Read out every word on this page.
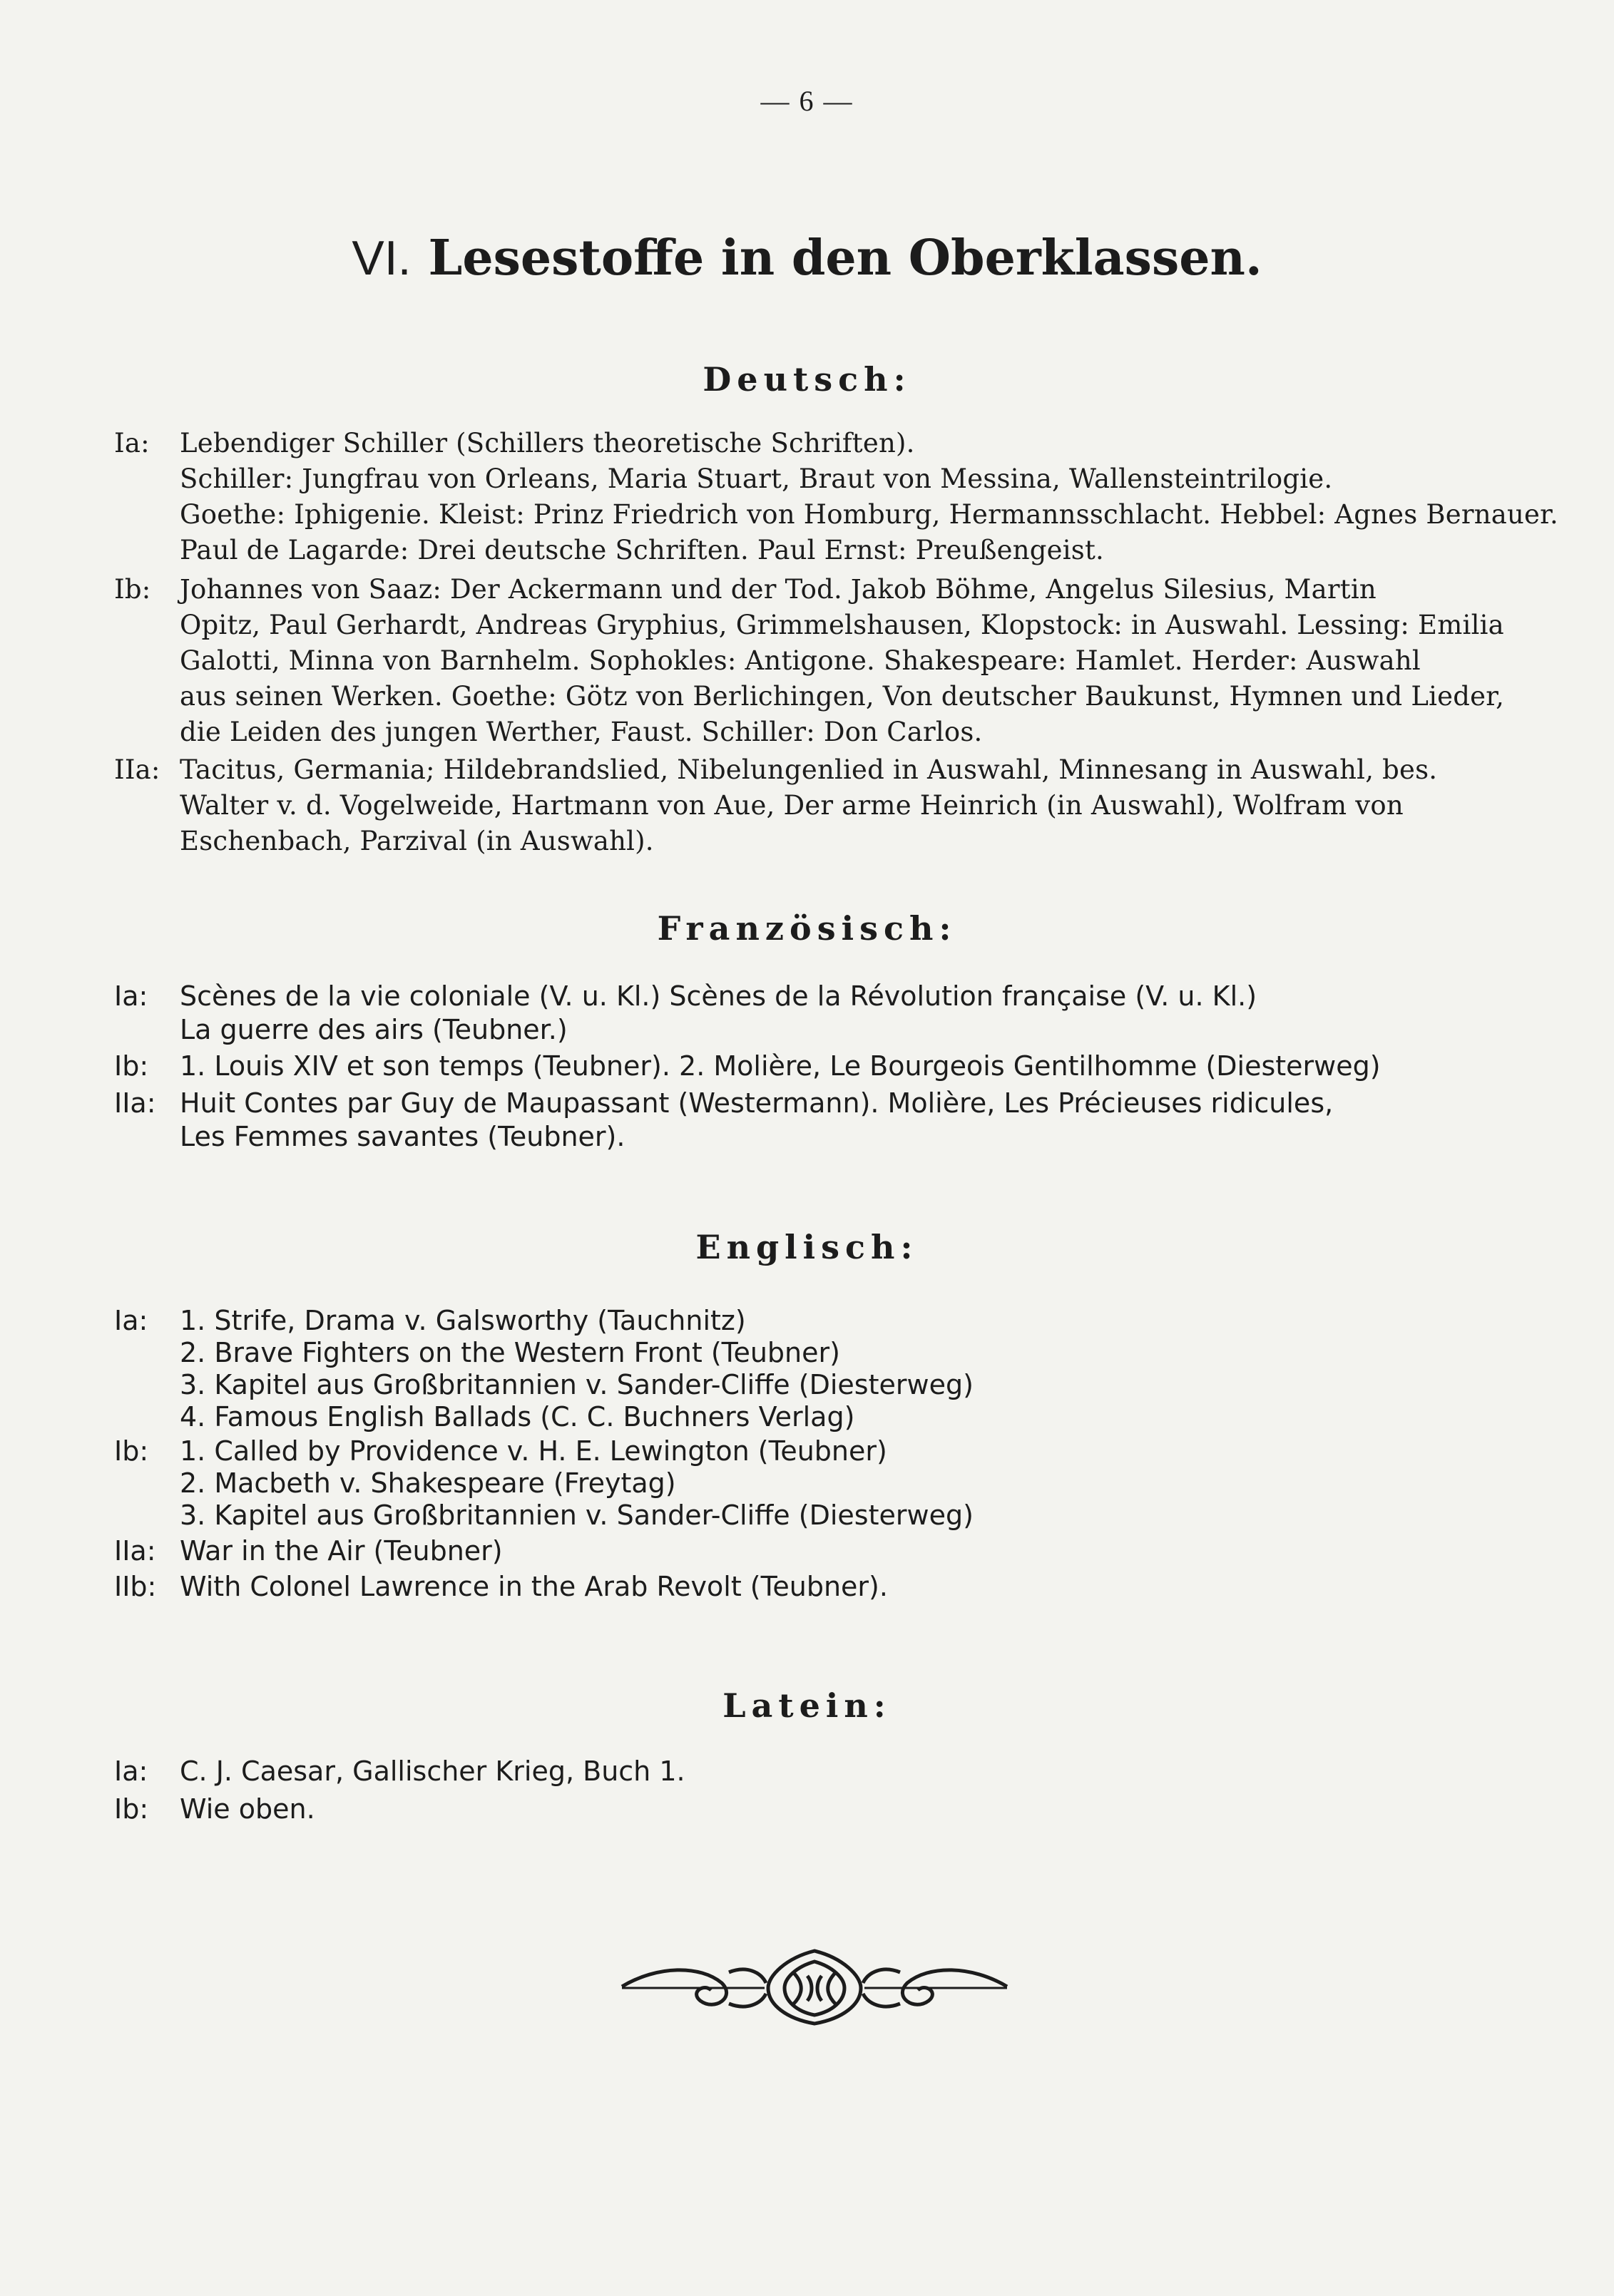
— 6 —
VI. Lesestoffe in den Oberklassen.
Deutsch:
Ia: Lebendiger Schiller (Schillers theoretische Schriften).
Schiller: Jungfrau von Orleans, Maria Stuart, Braut von Messina, Wallensteintrilogie.
Goethe: Iphigenie. Kleist: Prinz Friedrich von Homburg, Hermannsschlacht. Hebbel: Agnes Bernauer.
Paul de Lagarde: Drei deutsche Schriften. Paul Ernst: Preußengeist.
Ib: Johannes von Saaz: Der Ackermann und der Tod. Jakob Böhme, Angelus Silesius, Martin
Opitz, Paul Gerhardt, Andreas Gryphius, Grimmelshausen, Klopstock: in Auswahl. Lessing: Emilia
Galotti, Minna von Barnhelm. Sophokles: Antigone. Shakespeare: Hamlet. Herder: Auswahl
aus seinen Werken. Goethe: Götz von Berlichingen, Von deutscher Baukunst, Hymnen und Lieder,
die Leiden des jungen Werther, Faust. Schiller: Don Carlos.
IIa: Tacitus, Germania; Hildebrandslied, Nibelungenlied in Auswahl, Minnesang in Auswahl, bes.
Walter v. d. Vogelweide, Hartmann von Aue, Der arme Heinrich (in Auswahl), Wolfram von
Eschenbach, Parzival (in Auswahl).
Französisch:
Ia: Scènes de la vie coloniale (V. u. Kl.) Scènes de la Révolution française (V. u. Kl.)
La guerre des airs (Teubner.)
Ib: 1. Louis XIV et son temps (Teubner). 2. Molière, Le Bourgeois Gentilhomme (Diesterweg)
IIa: Huit Contes par Guy de Maupassant (Westermann). Molière, Les Précieuses ridicules,
Les Femmes savantes (Teubner).
Englisch:
Ia: 1. Strife, Drama v. Galsworthy (Tauchnitz)
2. Brave Fighters on the Western Front (Teubner)
3. Kapitel aus Großbritannien v. Sander-Cliffe (Diesterweg)
4. Famous English Ballads (C. C. Buchners Verlag)
Ib: 1. Called by Providence v. H. E. Lewington (Teubner)
2. Macbeth v. Shakespeare (Freytag)
3. Kapitel aus Großbritannien v. Sander-Cliffe (Diesterweg)
IIa: War in the Air (Teubner)
IIb: With Colonel Lawrence in the Arab Revolt (Teubner).
Latein:
Ia: C. J. Caesar, Gallischer Krieg, Buch 1.
Ib: Wie oben.
